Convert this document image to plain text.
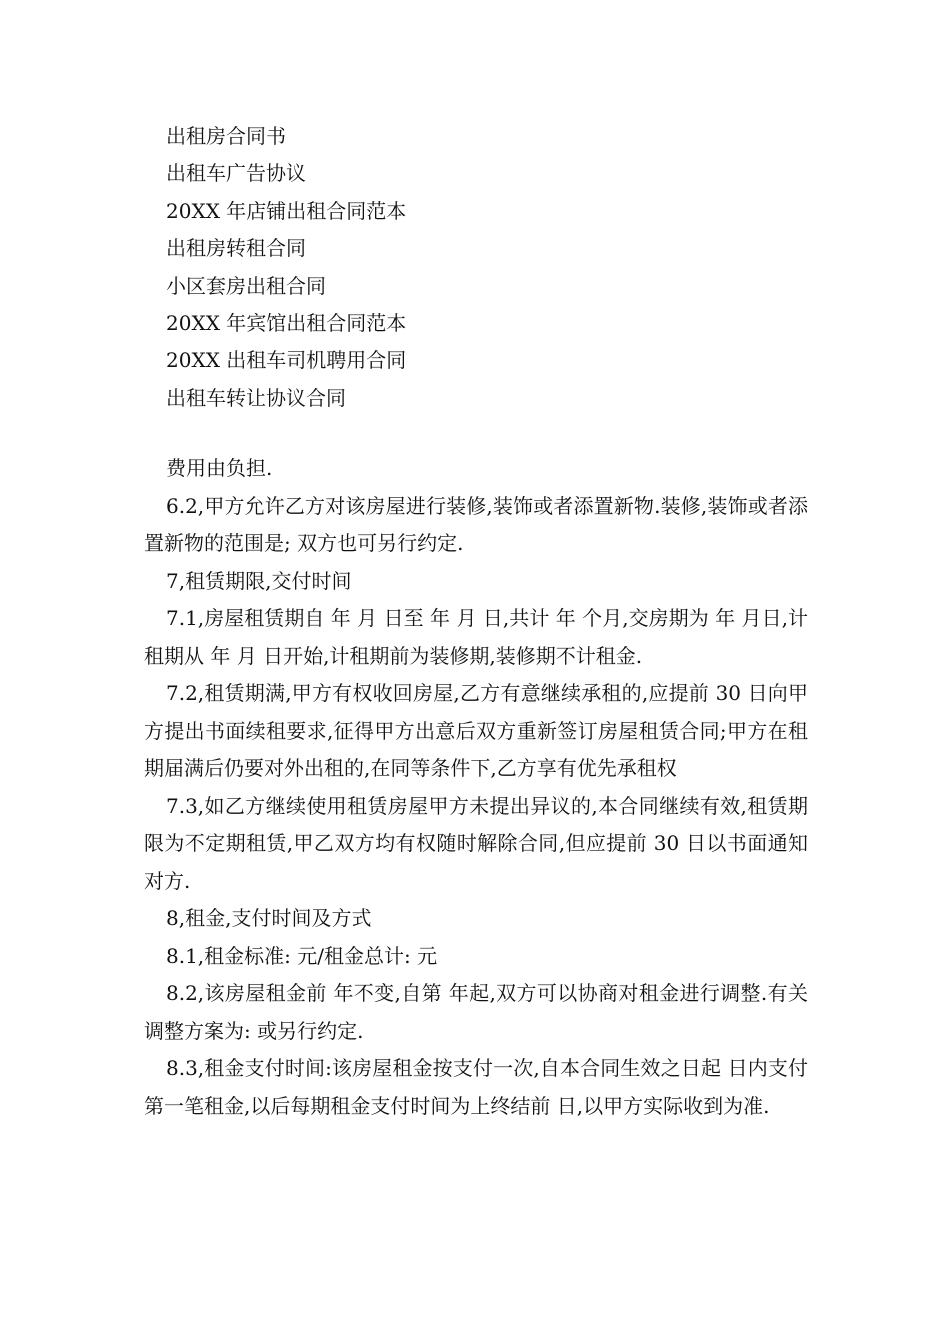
出租房合同书
出租车广告协议
20XX 年店铺出租合同范本
出租房转租合同
小区套房出租合同
20XX 年宾馆出租合同范本
20XX 出租车司机聘用合同
出租车转让协议合同

费用由负担.

6.2,甲方允许乙方对该房屋进行装修,装饰或者添置新物.装修,装饰或者添置新物的范围是; 双方也可另行约定.

7,租赁期限,交付时间

7.1,房屋租赁期自 年 月 日至 年 月 日,共计 年 个月,交房期为 年 月日,计租期从 年 月 日开始,计租期前为装修期,装修期不计租金.

7.2,租赁期满,甲方有权收回房屋,乙方有意继续承租的,应提前 30 日向甲方提出书面续租要求,征得甲方出意后双方重新签订房屋租赁合同;甲方在租期届满后仍要对外出租的,在同等条件下,乙方享有优先承租权

7.3,如乙方继续使用租赁房屋甲方未提出异议的,本合同继续有效,租赁期限为不定期租赁,甲乙双方均有权随时解除合同,但应提前 30 日以书面通知对方.

8,租金,支付时间及方式

8.1,租金标准: 元/租金总计: 元

8.2,该房屋租金前 年不变,自第 年起,双方可以协商对租金进行调整.有关调整方案为: 或另行约定.

8.3,租金支付时间:该房屋租金按支付一次,自本合同生效之日起 日内支付第一笔租金,以后每期租金支付时间为上终结前 日,以甲方实际收到为准.
